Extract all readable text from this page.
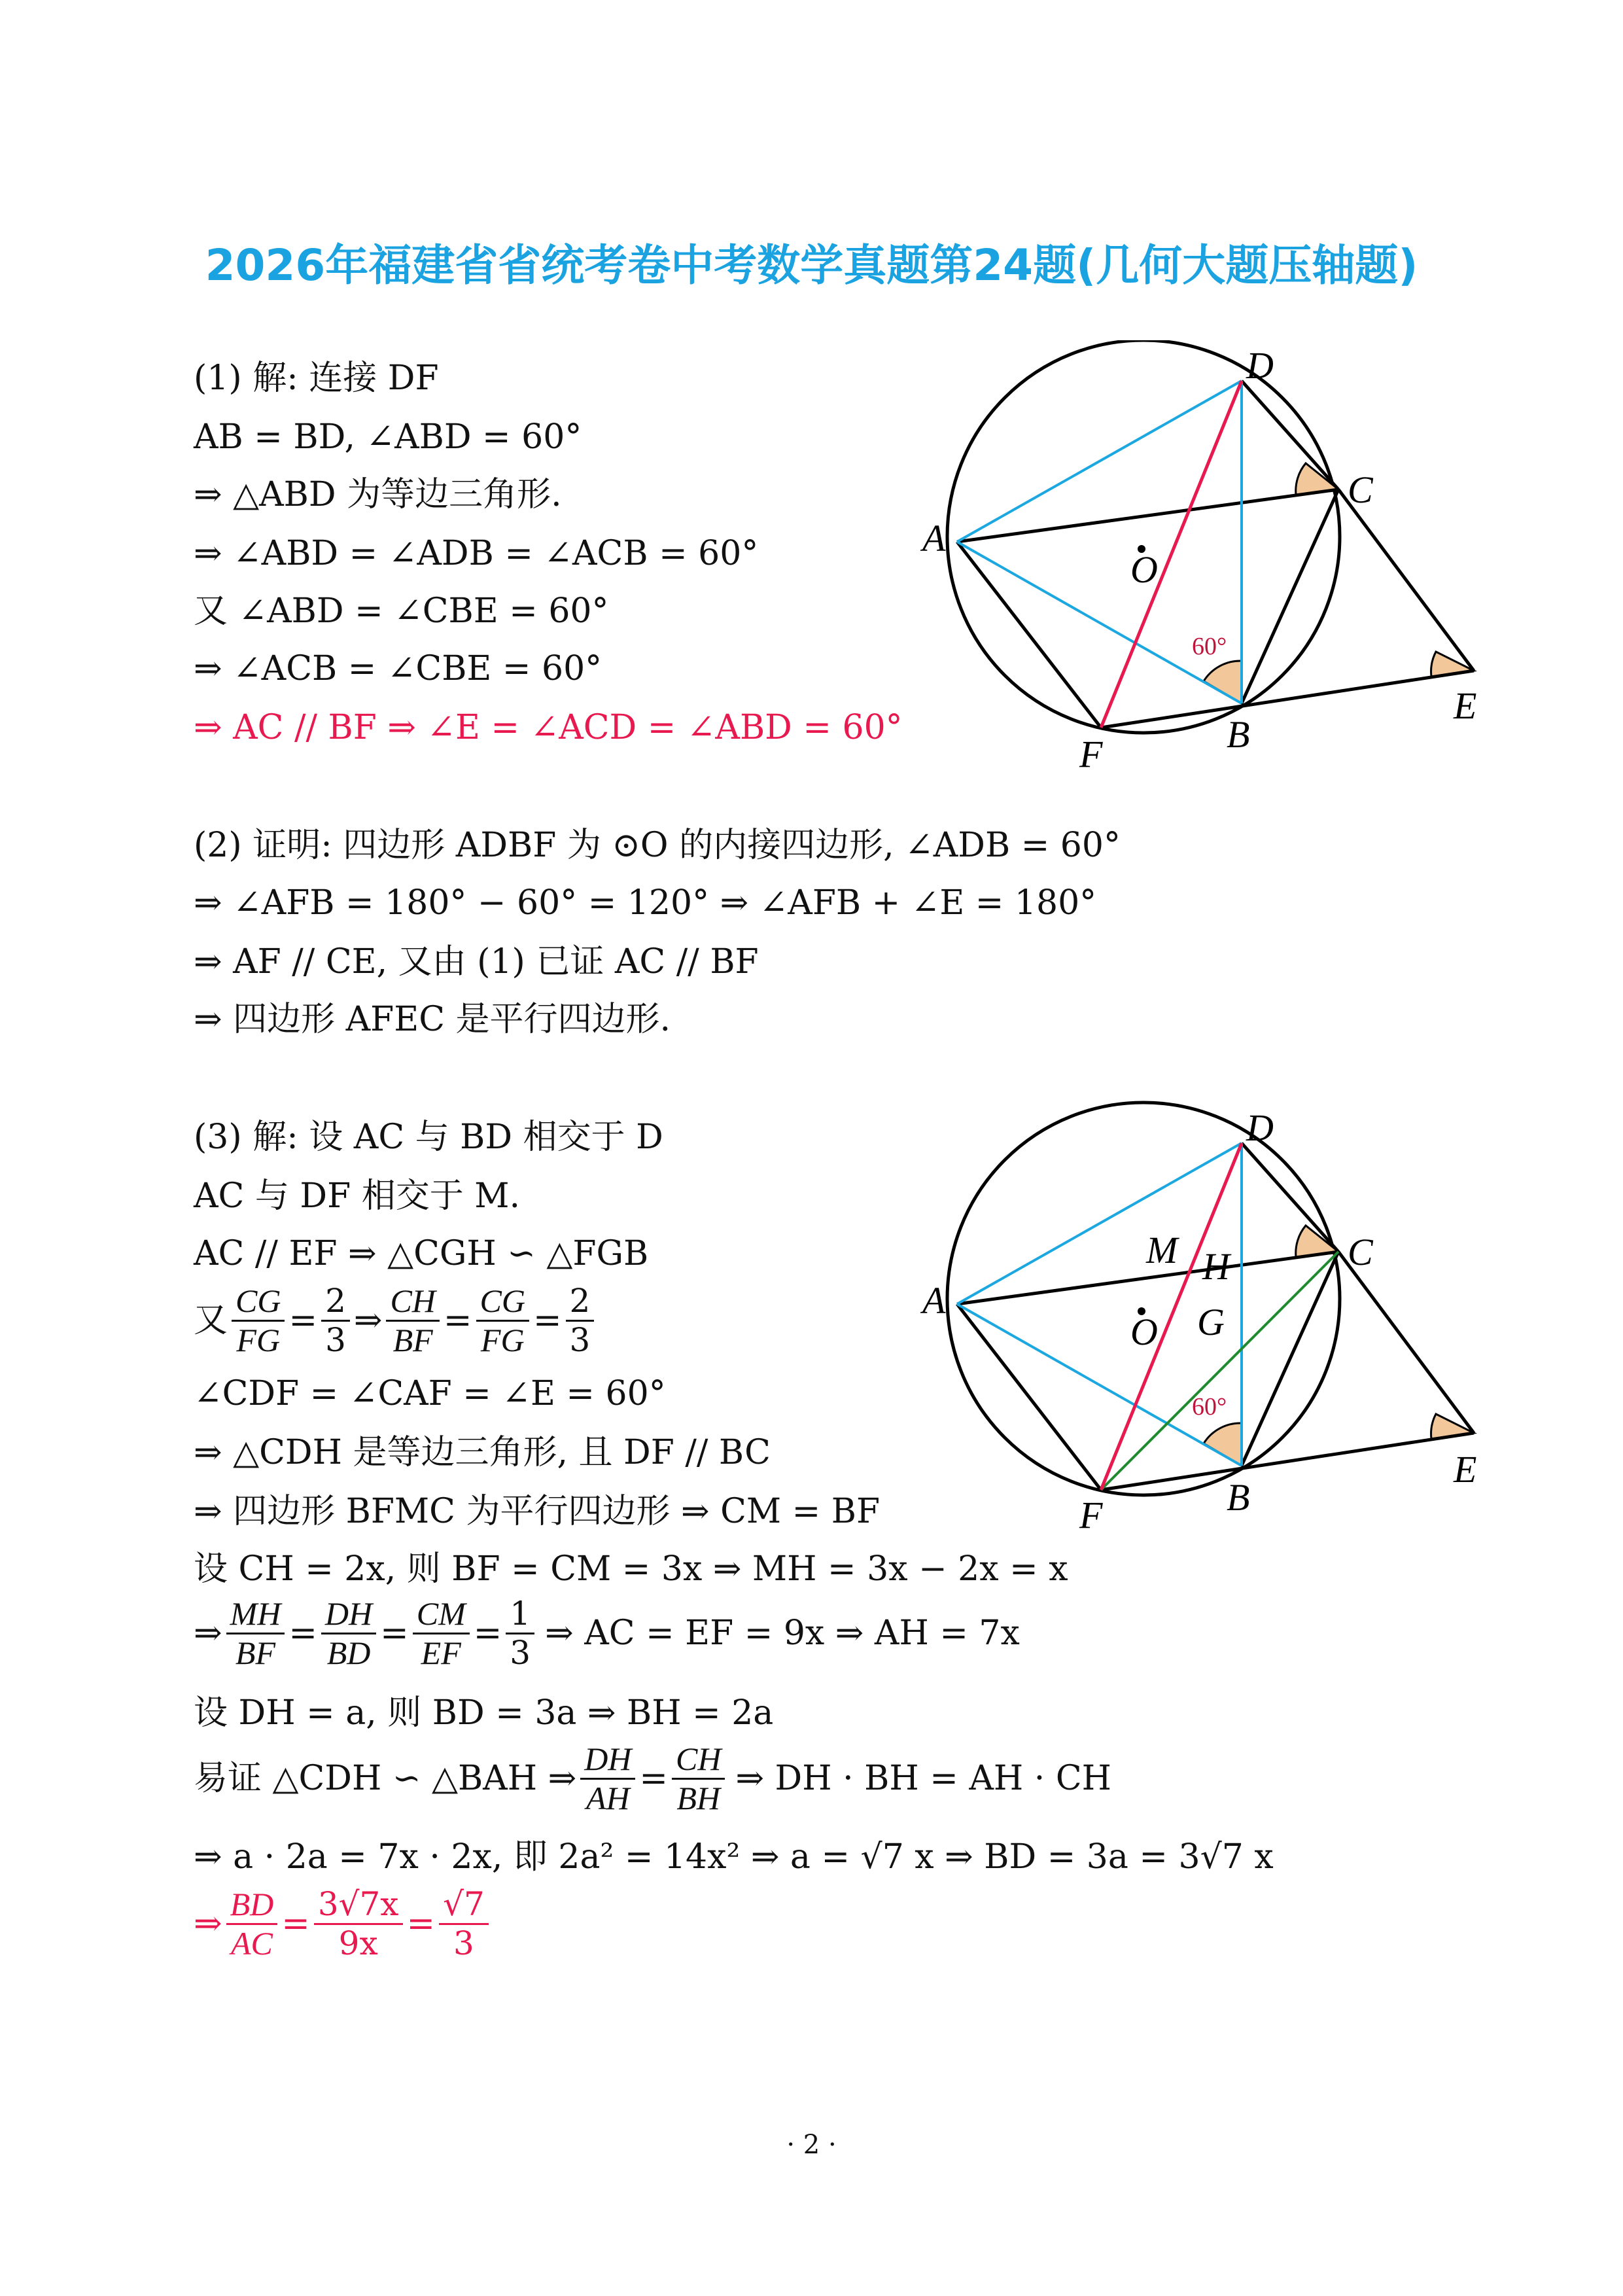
2026年福建省省统考卷中考数学真题第24题(几何大题压轴题)
(1) 解: 连接 DF
AB = BD, ∠ABD = 60°
⇒ △ABD 为等边三角形.
⇒ ∠ABD = ∠ADB = ∠ACB = 60°
又 ∠ABD = ∠CBE = 60°
⇒ ∠ACB = ∠CBE = 60°
⇒ AC // BF ⇒ ∠E = ∠ACD = ∠ABD = 60°
(2) 证明: 四边形 ADBF 为 ⊙O 的内接四边形, ∠ADB = 60°
⇒ ∠AFB = 180° − 60° = 120° ⇒ ∠AFB + ∠E = 180°
⇒ AF // CE, 又由 (1) 已证 AC // BF
⇒ 四边形 AFEC 是平行四边形.
(3) 解: 设 AC 与 BD 相交于 D
AC 与 DF 相交于 M.
AC // EF ⇒ △CGH ∽ △FGB
又 $\frac{CG}{FG} = \frac{2}{3}$ ⇒ $\frac{CH}{BF} = \frac{CG}{FG} = \frac{2}{3}$
∠CDF = ∠CAF = ∠E = 60°
⇒ △CDH 是等边三角形, 且 DF // BC
⇒ 四边形 BFMC 为平行四边形 ⇒ CM = BF
设 CH = 2x, 则 BF = CM = 3x ⇒ MH = 3x − 2x = x
⇒ $\frac{MH}{BF} = \frac{DH}{BD} = \frac{CM}{EF} = \frac{1}{3}$ ⇒ AC = EF = 9x ⇒ AH = 7x
设 DH = a, 则 BD = 3a ⇒ BH = 2a
易证 △CDH ∽ △BAH ⇒ $\frac{DH}{AH} = \frac{CH}{BH}$ ⇒ DH · BH = AH · CH
⇒ a · 2a = 7x · 2x, 即 2a² = 14x² ⇒ a = √7 x ⇒ BD = 3a = 3√7 x
⇒ $\frac{BD}{AC} = \frac{3√7x}{9x} = \frac{√7}{3}$
A
D
C
O
E
B
F
60°
A
D
C
M H
G
O
E
B
F
60°
· 2 ·
